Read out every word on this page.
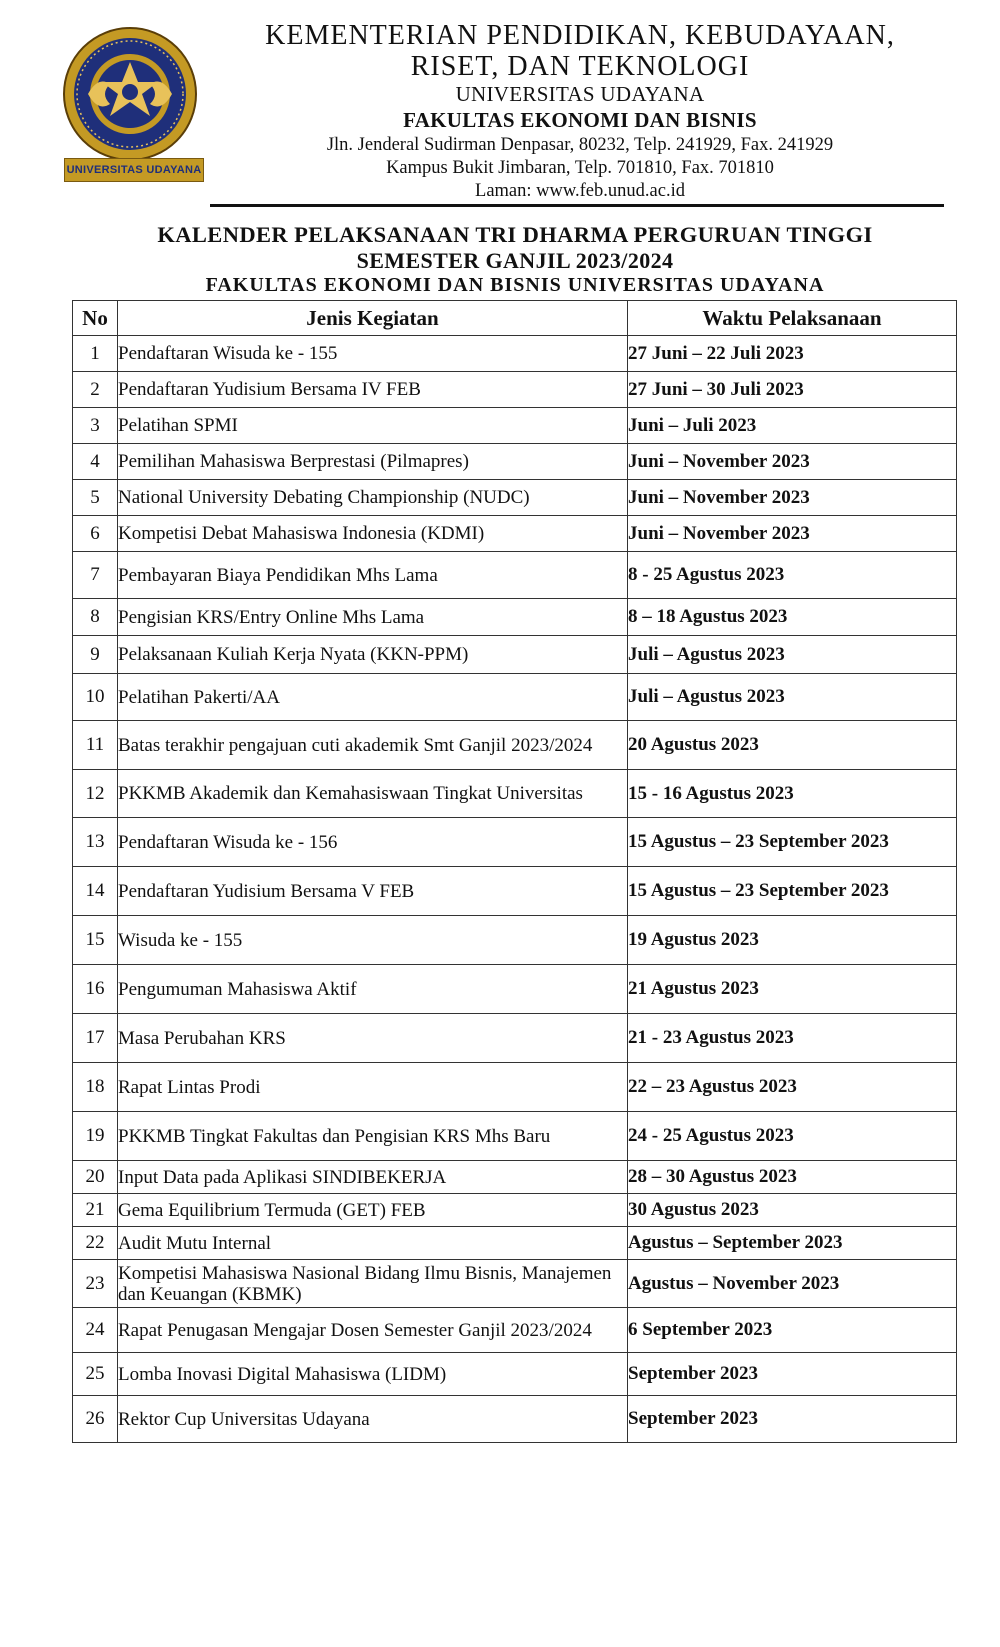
UNIVERSITAS UDAYANA
KEMENTERIAN PENDIDIKAN, KEBUDAYAAN,
RISET, DAN TEKNOLOGI
UNIVERSITAS UDAYANA
FAKULTAS EKONOMI DAN BISNIS
Jln. Jenderal Sudirman Denpasar, 80232, Telp. 241929, Fax. 241929
Kampus Bukit Jimbaran, Telp. 701810, Fax. 701810
Laman: www.feb.unud.ac.id
KALENDER PELAKSANAAN TRI DHARMA PERGURUAN TINGGI
SEMESTER GANJIL 2023/2024
FAKULTAS EKONOMI DAN BISNIS UNIVERSITAS UDAYANA
No	Jenis Kegiatan	Waktu Pelaksanaan
1	Pendaftaran Wisuda ke - 155	27 Juni – 22 Juli 2023
2	Pendaftaran Yudisium Bersama IV FEB	27 Juni – 30 Juli 2023
3	Pelatihan SPMI	Juni – Juli 2023
4	Pemilihan Mahasiswa Berprestasi (Pilmapres)	Juni – November 2023
5	National University Debating Championship (NUDC)	Juni – November 2023
6	Kompetisi Debat Mahasiswa Indonesia (KDMI)	Juni – November 2023
7	Pembayaran Biaya Pendidikan Mhs Lama	8 - 25 Agustus 2023
8	Pengisian KRS/Entry Online Mhs Lama	8 – 18 Agustus 2023
9	Pelaksanaan Kuliah Kerja Nyata (KKN-PPM)	Juli – Agustus 2023
10	Pelatihan Pakerti/AA	Juli – Agustus 2023
11	Batas terakhir pengajuan cuti akademik Smt Ganjil 2023/2024	20 Agustus 2023
12	PKKMB Akademik dan Kemahasiswaan Tingkat Universitas	15 - 16 Agustus 2023
13	Pendaftaran Wisuda ke - 156	15 Agustus – 23 September 2023
14	Pendaftaran Yudisium Bersama V FEB	15 Agustus – 23 September 2023
15	Wisuda ke - 155	19 Agustus 2023
16	Pengumuman Mahasiswa Aktif	21 Agustus 2023
17	Masa Perubahan KRS	21 - 23 Agustus 2023
18	Rapat Lintas Prodi	22 – 23 Agustus 2023
19	PKKMB Tingkat Fakultas dan Pengisian KRS Mhs Baru	24 - 25 Agustus 2023
20	Input Data pada Aplikasi SINDIBEKERJA	28 – 30 Agustus 2023
21	Gema Equilibrium Termuda (GET) FEB	30 Agustus 2023
22	Audit Mutu Internal	Agustus – September 2023
23	Kompetisi Mahasiswa Nasional Bidang Ilmu Bisnis, Manajemen dan Keuangan (KBMK)	Agustus – November 2023
24	Rapat Penugasan Mengajar Dosen Semester Ganjil 2023/2024	6 September 2023
25	Lomba Inovasi Digital Mahasiswa (LIDM)	September 2023
26	Rektor Cup Universitas Udayana	September 2023
